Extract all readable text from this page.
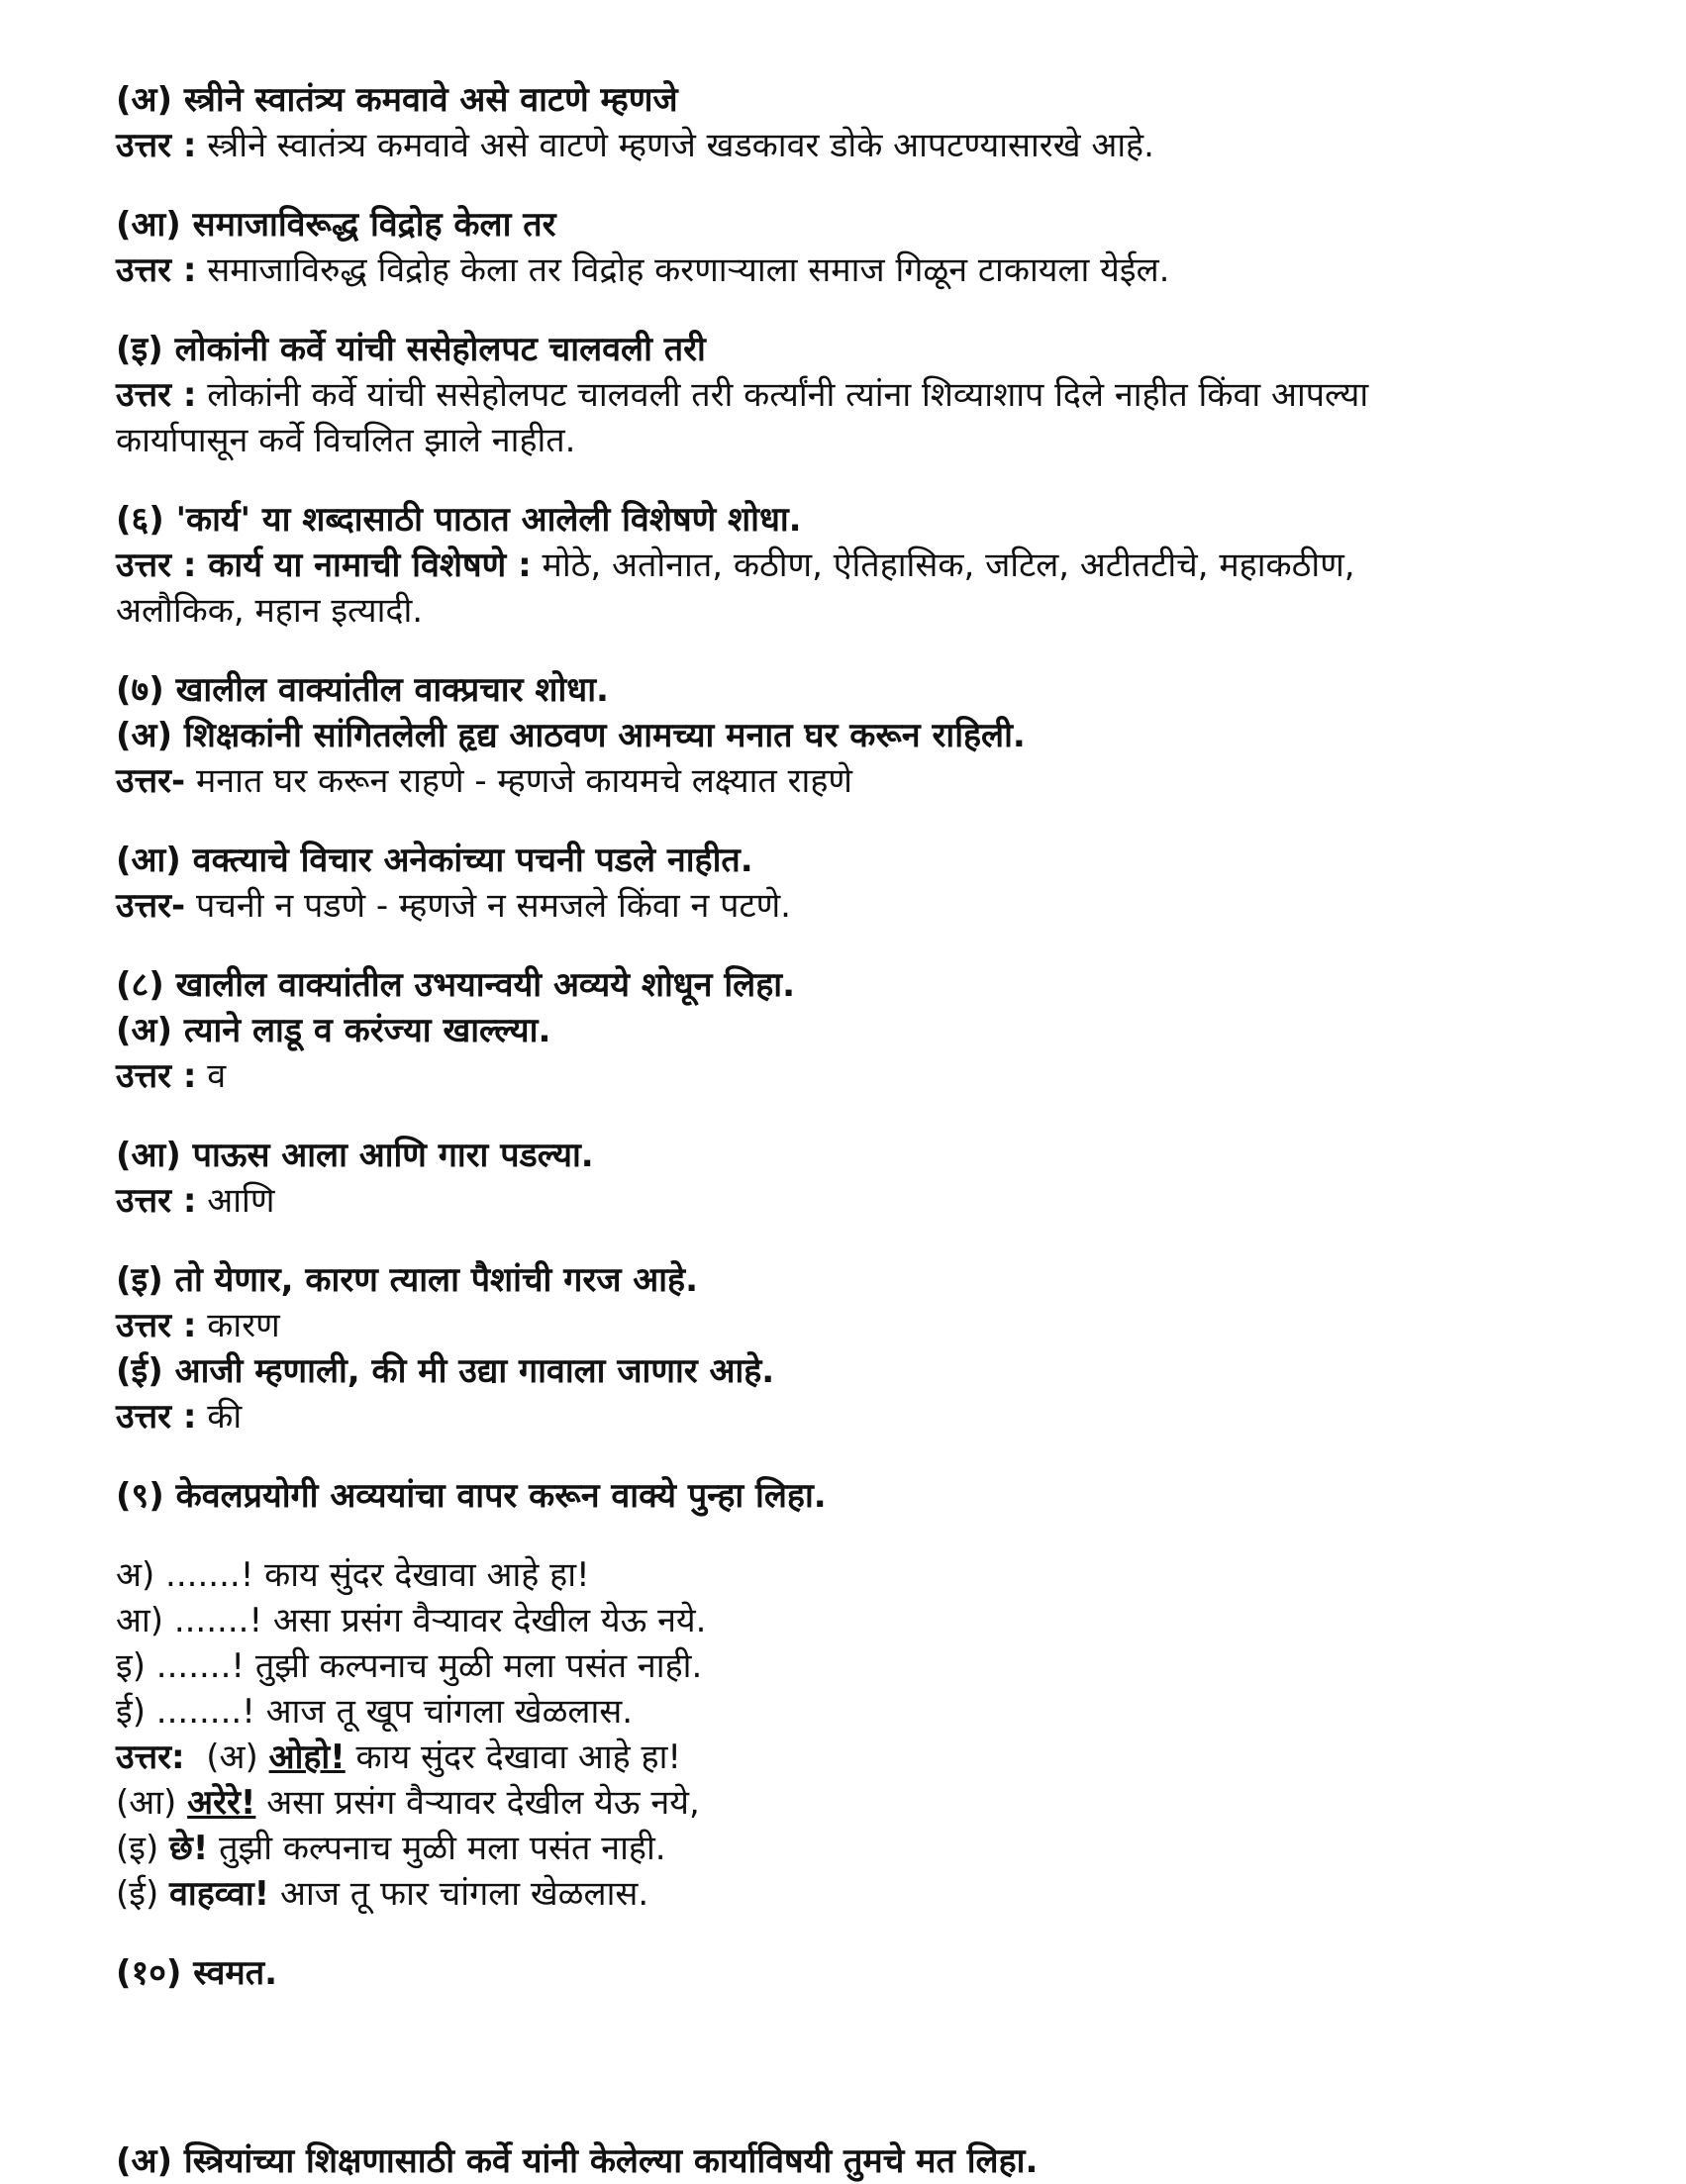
(अ) स्त्रीने स्वातंत्र्य कमवावे असे वाटणे म्हणजे

उत्तर : स्त्रीने स्वातंत्र्य कमवावे असे वाटणे म्हणजे खडकावर डोके आपटण्यासारखे आहे.

(आ) समाजाविरूद्ध विद्रोह केला तर

उत्तर : समाजाविरुद्ध विद्रोह केला तर विद्रोह करणाऱ्याला समाज गिळून टाकायला येईल.

(इ) लोकांनी कर्वे यांची ससेहोलपट चालवली तरी

उत्तर : लोकांनी कर्वे यांची ससेहोलपट चालवली तरी कर्त्यांनी त्यांना शिव्याशाप दिले नाहीत किंवा आपल्या

कार्यापासून कर्वे विचलित झाले नाहीत.

(६) 'कार्य' या शब्दासाठी पाठात आलेली विशेषणे शोधा.

उत्तर : कार्य या नामाची विशेषणे : मोठे, अतोनात, कठीण, ऐतिहासिक, जटिल, अटीतटीचे, महाकठीण,

अलौकिक, महान इत्यादी.

(७) खालील वाक्यांतील वाक्प्रचार शोधा.

(अ) शिक्षकांनी सांगितलेली हृद्य आठवण आमच्या मनात घर करून राहिली.

उत्तर- मनात घर करून राहणे - म्हणजे कायमचे लक्ष्यात राहणे

(आ) वक्त्याचे विचार अनेकांच्या पचनी पडले नाहीत.

उत्तर- पचनी न पडणे - म्हणजे न समजले किंवा न पटणे.

(८) खालील वाक्यांतील उभयान्वयी अव्यये शोधून लिहा.

(अ) त्याने लाडू व करंज्या खाल्ल्या.

उत्तर : व

(आ) पाऊस आला आणि गारा पडल्या.

उत्तर : आणि

(इ) तो येणार, कारण त्याला पैशांची गरज आहे.

उत्तर : कारण

(ई) आजी म्हणाली, की मी उद्या गावाला जाणार आहे.

उत्तर : की

(९) केवलप्रयोगी अव्ययांचा वापर करून वाक्ये पुन्हा लिहा.

अ) .......! काय सुंदर देखावा आहे हा!

आ) .......! असा प्रसंग वैऱ्यावर देखील येऊ नये.

इ) .......! तुझी कल्पनाच मुळी मला पसंत नाही.

ई) ........! आज तू खूप चांगला खेळलास.

उत्तर:  (अ) ओहो! काय सुंदर देखावा आहे हा!

(आ) अरेरे! असा प्रसंग वैऱ्यावर देखील येऊ नये,

(इ) छे! तुझी कल्पनाच मुळी मला पसंत नाही.

(ई) वाहव्वा! आज तू फार चांगला खेळलास.

(१०) स्वमत.

(अ) स्त्रियांच्या शिक्षणासाठी कर्वे यांनी केलेल्या कार्याविषयी तुमचे मत लिहा.
